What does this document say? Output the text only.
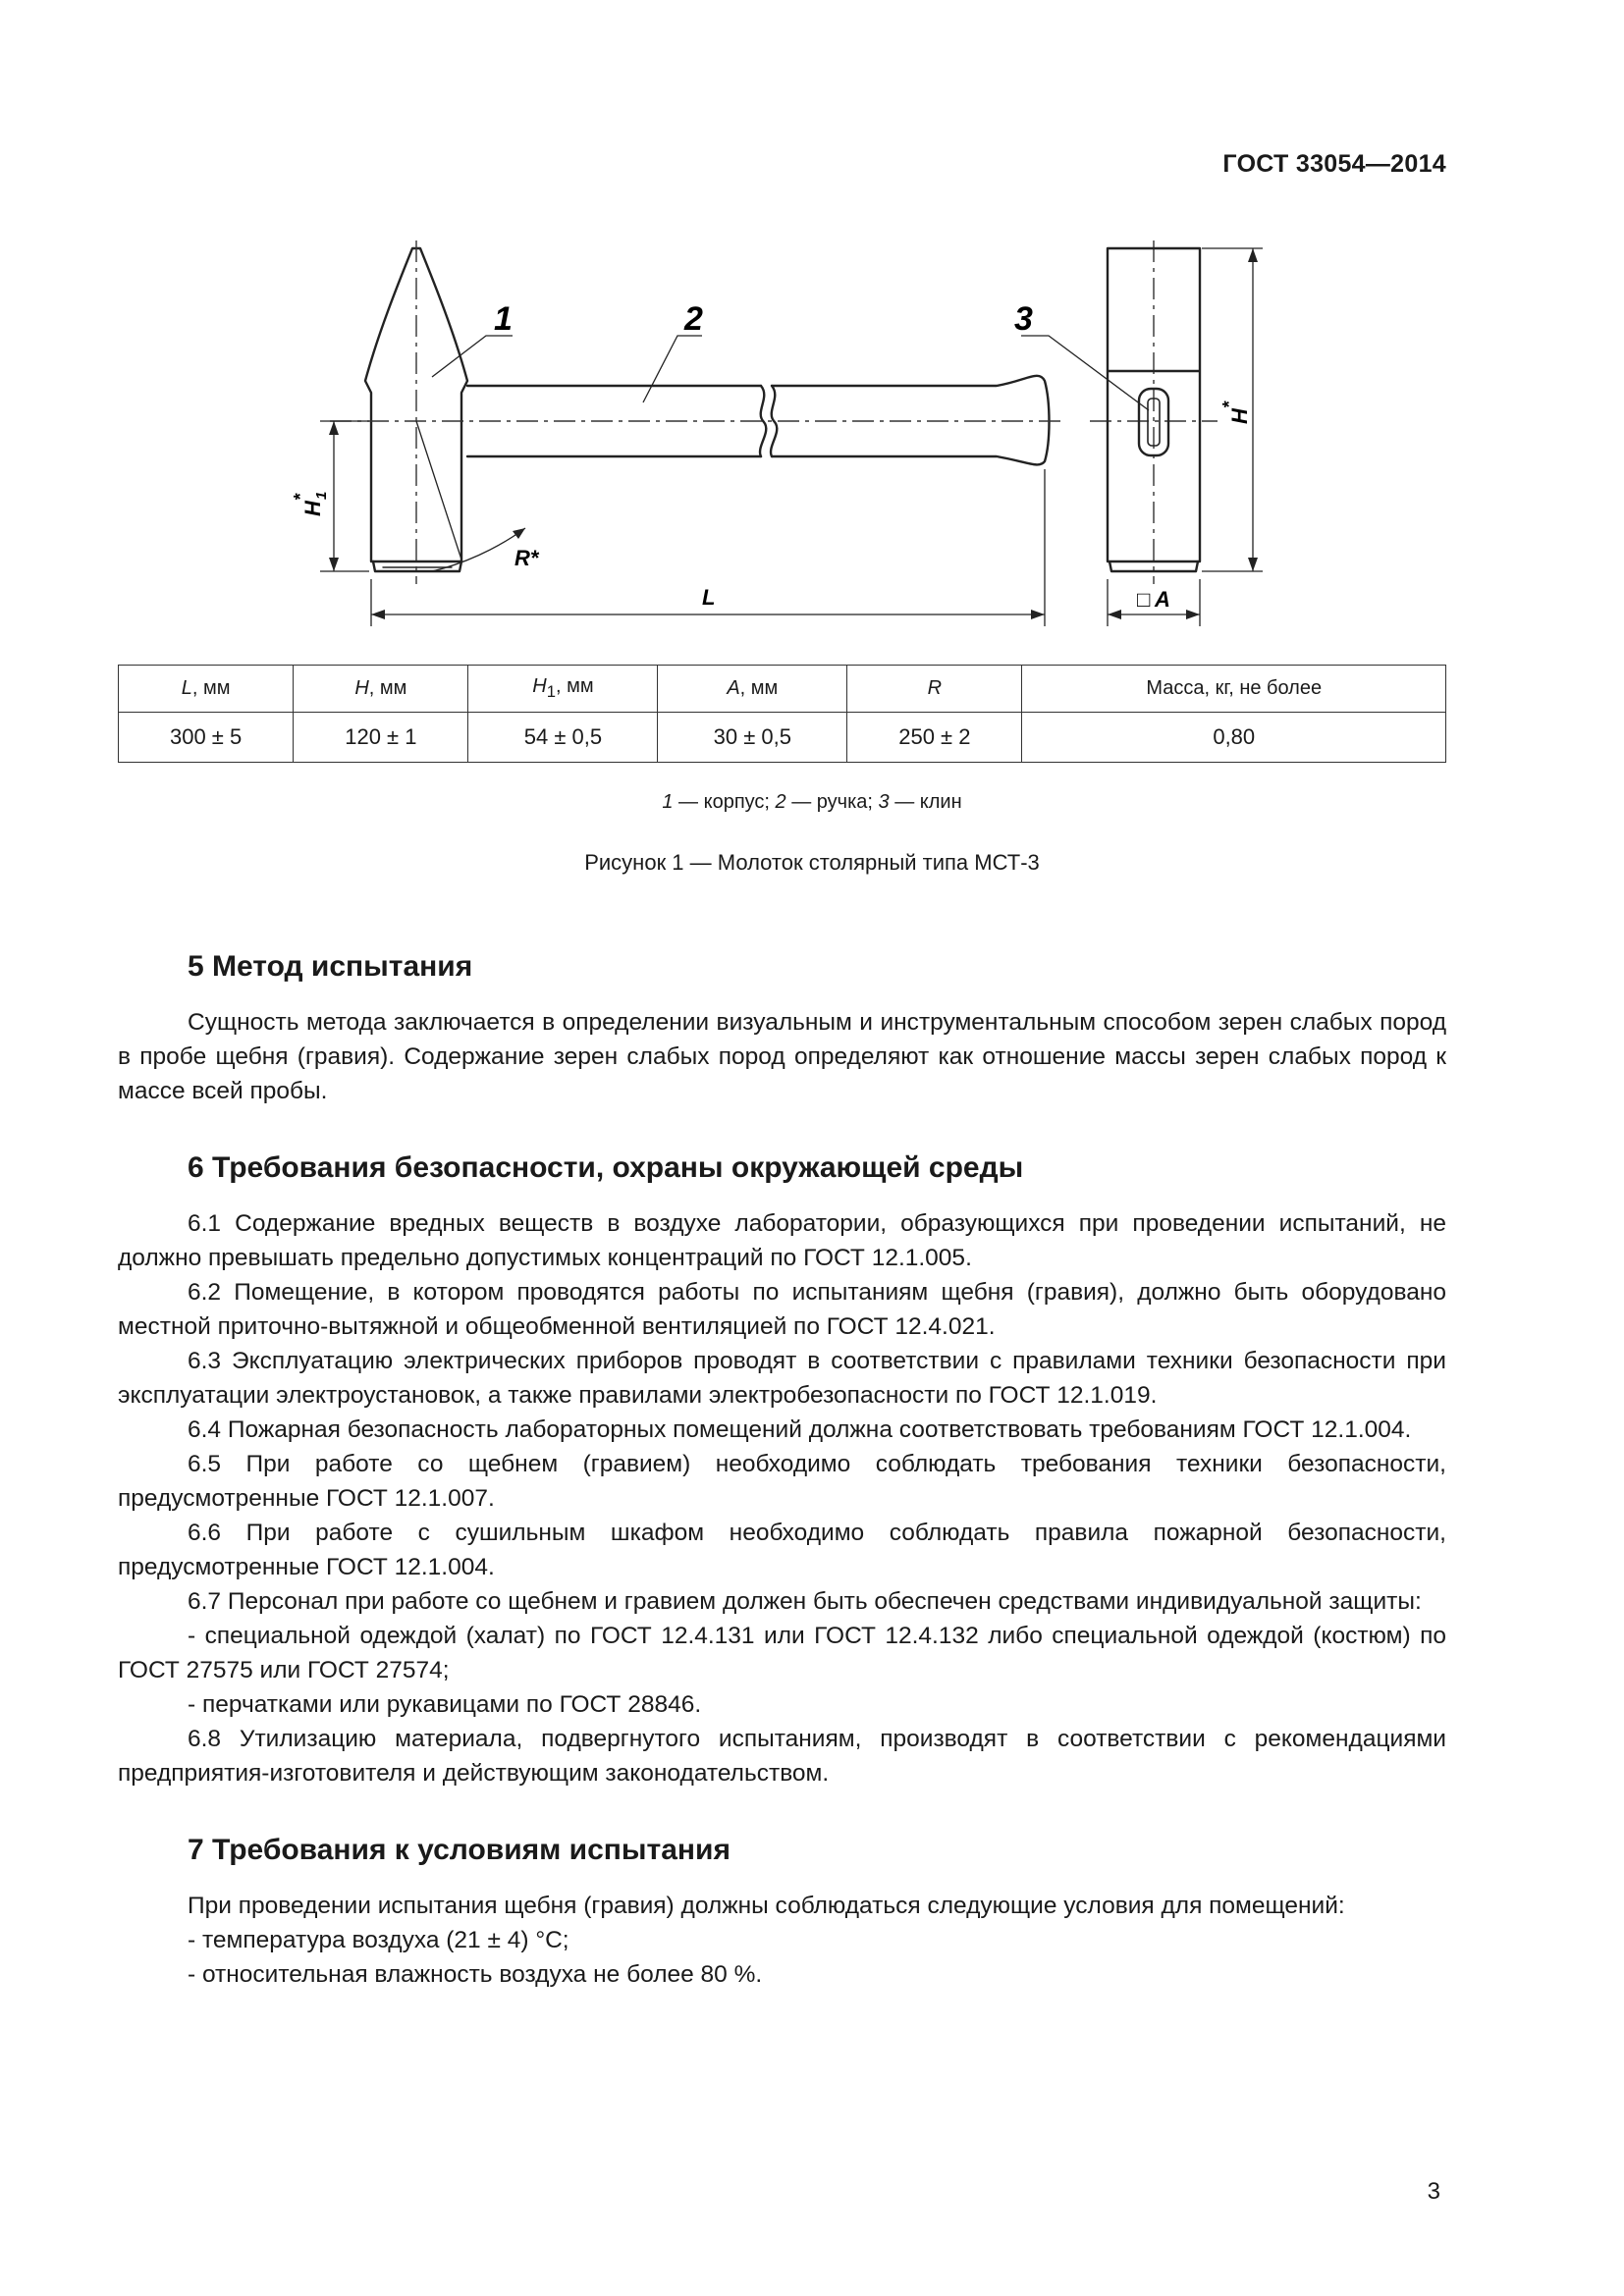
ГОСТ 33054—2014
1	2	3
R*
L	A
□
H
1
*
H
*
L, мм	H, мм	$H_1$, мм	A, мм	R	Масса, кг, не более
300 ± 5	120 ± 1	54 ± 0,5	30 ± 0,5	250 ± 2	0,80
1 — корпус; 2 — ручка; 3 — клин
Рисунок 1 — Молоток столярный типа МСТ-3
5 Метод испытания

Сущность метода заключается в определении визуальным и инструментальным способом зерен слабых пород в пробе щебня (гравия). Содержание зерен слабых пород определяют как отношение массы зерен слабых пород к массе всей пробы.

6 Требования безопасности, охраны окружающей среды

6.1 Содержание вредных веществ в воздухе лаборатории, образующихся при проведении испытаний, не должно превышать предельно допустимых концентраций по ГОСТ 12.1.005.

6.2 Помещение, в котором проводятся работы по испытаниям щебня (гравия), должно быть оборудовано местной приточно-вытяжной и общеобменной вентиляцией по ГОСТ 12.4.021.

6.3 Эксплуатацию электрических приборов проводят в соответствии с правилами техники безопасности при эксплуатации электроустановок, а также правилами электробезопасности по ГОСТ 12.1.019.

6.4 Пожарная безопасность лабораторных помещений должна соответствовать требованиям ГОСТ 12.1.004.

6.5 При работе со щебнем (гравием) необходимо соблюдать требования техники безопасности, предусмотренные ГОСТ 12.1.007.

6.6 При работе с сушильным шкафом необходимо соблюдать правила пожарной безопасности, предусмотренные ГОСТ 12.1.004.

6.7 Персонал при работе со щебнем и гравием должен быть обеспечен средствами индивидуальной защиты:

- специальной одеждой (халат) по ГОСТ 12.4.131 или ГОСТ 12.4.132 либо специальной одеждой (костюм) по ГОСТ 27575 или ГОСТ 27574;

- перчатками или рукавицами по ГОСТ 28846.

6.8 Утилизацию материала, подвергнутого испытаниям, производят в соответствии с рекомендациями предприятия-изготовителя и действующим законодательством.

7 Требования к условиям испытания

При проведении испытания щебня (гравия) должны соблюдаться следующие условия для помещений:

- температура воздуха (21 ± 4) °С;

- относительная влажность воздуха не более 80 %.

3
